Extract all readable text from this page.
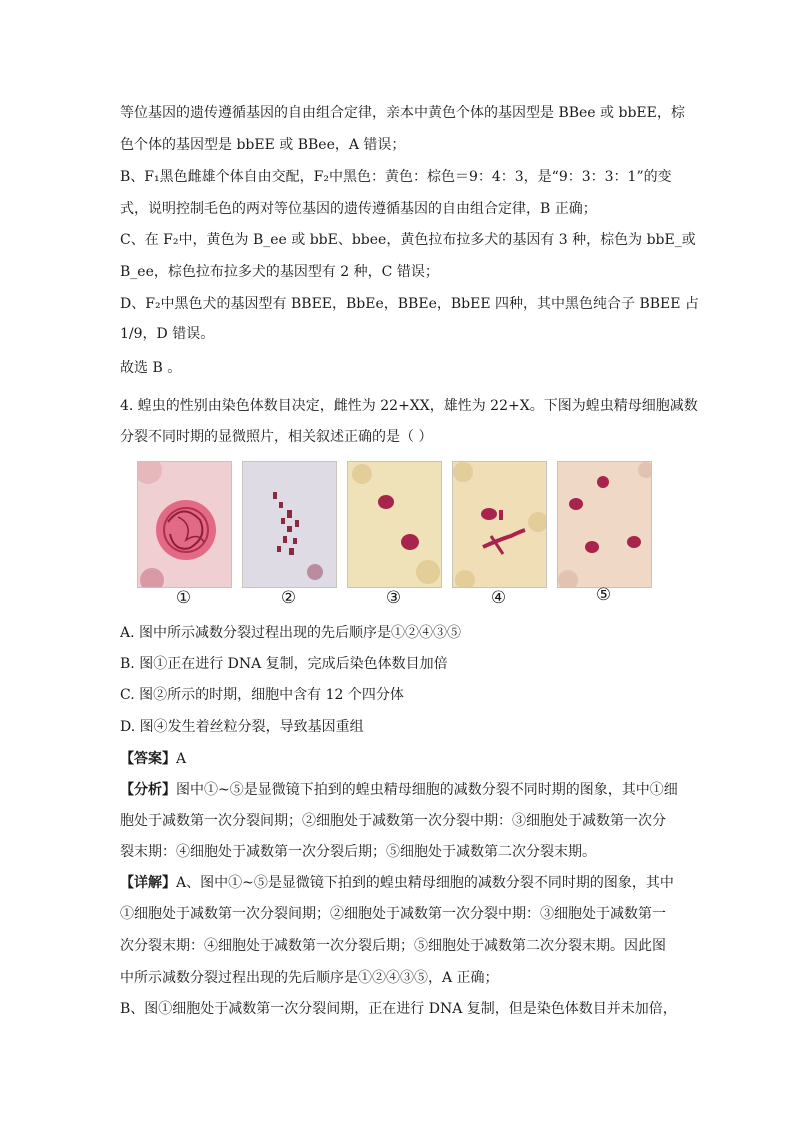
等位基因的遗传遵循基因的自由组合定律，亲本中黄色个体的基因型是 BBee 或 bbEE，棕
色个体的基因型是 bbEE 或 BBee，A 错误；
B、F₁黑色雌雄个体自由交配，F₂中黑色：黄色：棕色＝9：4：3，是“9：3：3：1”的变
式，说明控制毛色的两对等位基因的遗传遵循基因的自由组合定律，B 正确；
C、在 F₂中，黄色为 B_ee 或 bbE、bbee，黄色拉布拉多犬的基因有 3 种，棕色为 bbE_或
B_ee，棕色拉布拉多犬的基因型有 2 种，C 错误；
D、F₂中黑色犬的基因型有 BBEE，BbEe，BBEe，BbEE 四种，其中黑色纯合子 BBEE 占
1/9，D 错误。
故选 B 。
4. 蝗虫的性别由染色体数目决定，雌性为 22+XX，雄性为 22+X。下图为蝗虫精母细胞减数
分裂不同时期的显微照片，相关叙述正确的是（ ）
①	②	③	④	⑤
A. 图中所示减数分裂过程出现的先后顺序是①②④③⑤
B. 图①正在进行 DNA 复制，完成后染色体数目加倍
C. 图②所示的时期，细胞中含有 12 个四分体
D. 图④发生着丝粒分裂，导致基因重组
【答案】A
【分析】图中①~⑤是显微镜下拍到的蝗虫精母细胞的减数分裂不同时期的图象，其中①细
胞处于减数第一次分裂间期；②细胞处于减数第一次分裂中期：③细胞处于减数第一次分
裂末期：④细胞处于减数第一次分裂后期；⑤细胞处于减数第二次分裂末期。
【详解】A、图中①~⑤是显微镜下拍到的蝗虫精母细胞的减数分裂不同时期的图象，其中
①细胞处于减数第一次分裂间期；②细胞处于减数第一次分裂中期：③细胞处于减数第一
次分裂末期：④细胞处于减数第一次分裂后期；⑤细胞处于减数第二次分裂末期。因此图
中所示减数分裂过程出现的先后顺序是①②④③⑤，A 正确；
B、图①细胞处于减数第一次分裂间期，正在进行 DNA 复制，但是染色体数目并未加倍，
